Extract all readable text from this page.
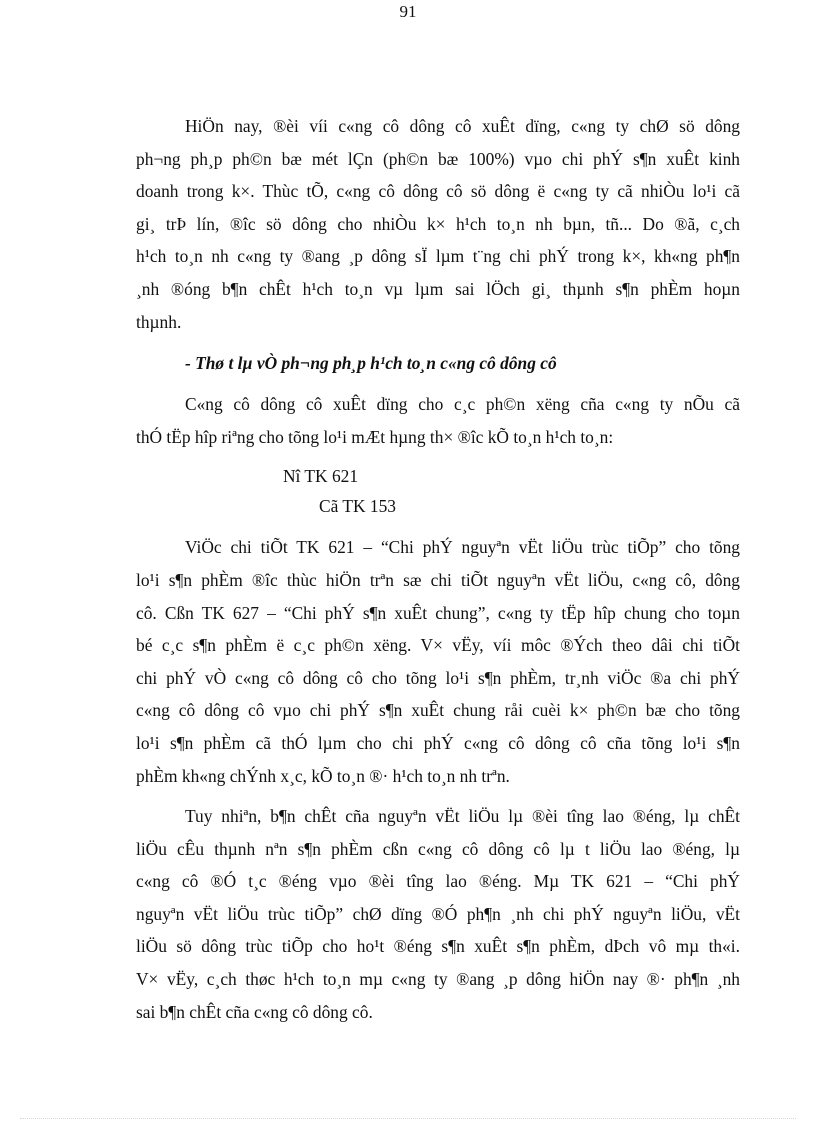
91

HiÖn nay, ®èi víi c«ng cô dông cô xuÊt dïng, c«ng ty chØ sö dông
ph¬ng ph¸p ph©n bæ mét lÇn (ph©n bæ 100%) vµo chi phÝ s¶n xuÊt kinh
doanh trong k×. Thùc tÕ, c«ng cô dông cô sö dông ë c«ng ty cã nhiÒu lo¹i cã
gi¸ trÞ lín, ®îc sö dông cho nhiÒu k× h¹ch to¸n nh bµn, tñ... Do ®ã, c¸ch
h¹ch to¸n nh c«ng ty ®ang ¸p dông sÏ lµm t¨ng chi phÝ trong k×, kh«ng ph¶n
¸nh ®óng b¶n chÊt h¹ch to¸n vµ lµm sai lÖch gi¸ thµnh s¶n phÈm hoµn
thµnh.

- Thø t lµ vÒ ph¬ng ph¸p h¹ch to¸n c«ng cô dông cô

C«ng cô dông cô xuÊt dïng cho c¸c ph©n xëng cña c«ng ty nÕu cã
thÓ tËp hîp riªng cho tõng lo¹i mÆt hµng th× ®îc kÕ to¸n h¹ch to¸n:

Nî TK 621
Cã TK 153

ViÖc chi tiÕt TK 621 – “Chi phÝ nguyªn vËt liÖu trùc tiÕp” cho tõng
lo¹i s¶n phÈm ®îc thùc hiÖn trªn sæ chi tiÕt nguyªn vËt liÖu, c«ng cô, dông
cô. Cßn TK 627 – “Chi phÝ s¶n xuÊt chung”, c«ng ty tËp hîp chung cho toµn
bé c¸c s¶n phÈm ë c¸c ph©n xëng. V× vËy, víi môc ®Ých theo dâi chi tiÕt
chi phÝ vÒ c«ng cô dông cô cho tõng lo¹i s¶n phÈm, tr¸nh viÖc ®a chi phÝ
c«ng cô dông cô vµo chi phÝ s¶n xuÊt chung råi cuèi k× ph©n bæ cho tõng
lo¹i s¶n phÈm cã thÓ lµm cho chi phÝ c«ng cô dông cô cña tõng lo¹i s¶n
phÈm kh«ng chÝnh x¸c, kÕ to¸n ®· h¹ch to¸n nh trªn.

Tuy nhiªn, b¶n chÊt cña nguyªn vËt liÖu lµ ®èi tîng lao ®éng, lµ chÊt
liÖu cÊu thµnh nªn s¶n phÈm cßn c«ng cô dông cô lµ t liÖu lao ®éng, lµ
c«ng cô ®Ó t¸c ®éng vµo ®èi tîng lao ®éng. Mµ TK 621 – “Chi phÝ
nguyªn vËt liÖu trùc tiÕp” chØ dïng ®Ó ph¶n ¸nh chi phÝ nguyªn liÖu, vËt
liÖu sö dông trùc tiÕp cho ho¹t ®éng s¶n xuÊt s¶n phÈm, dÞch vô mµ th«i.
V× vËy, c¸ch thøc h¹ch to¸n mµ c«ng ty ®ang ¸p dông hiÖn nay ®· ph¶n ¸nh
sai b¶n chÊt cña c«ng cô dông cô.
